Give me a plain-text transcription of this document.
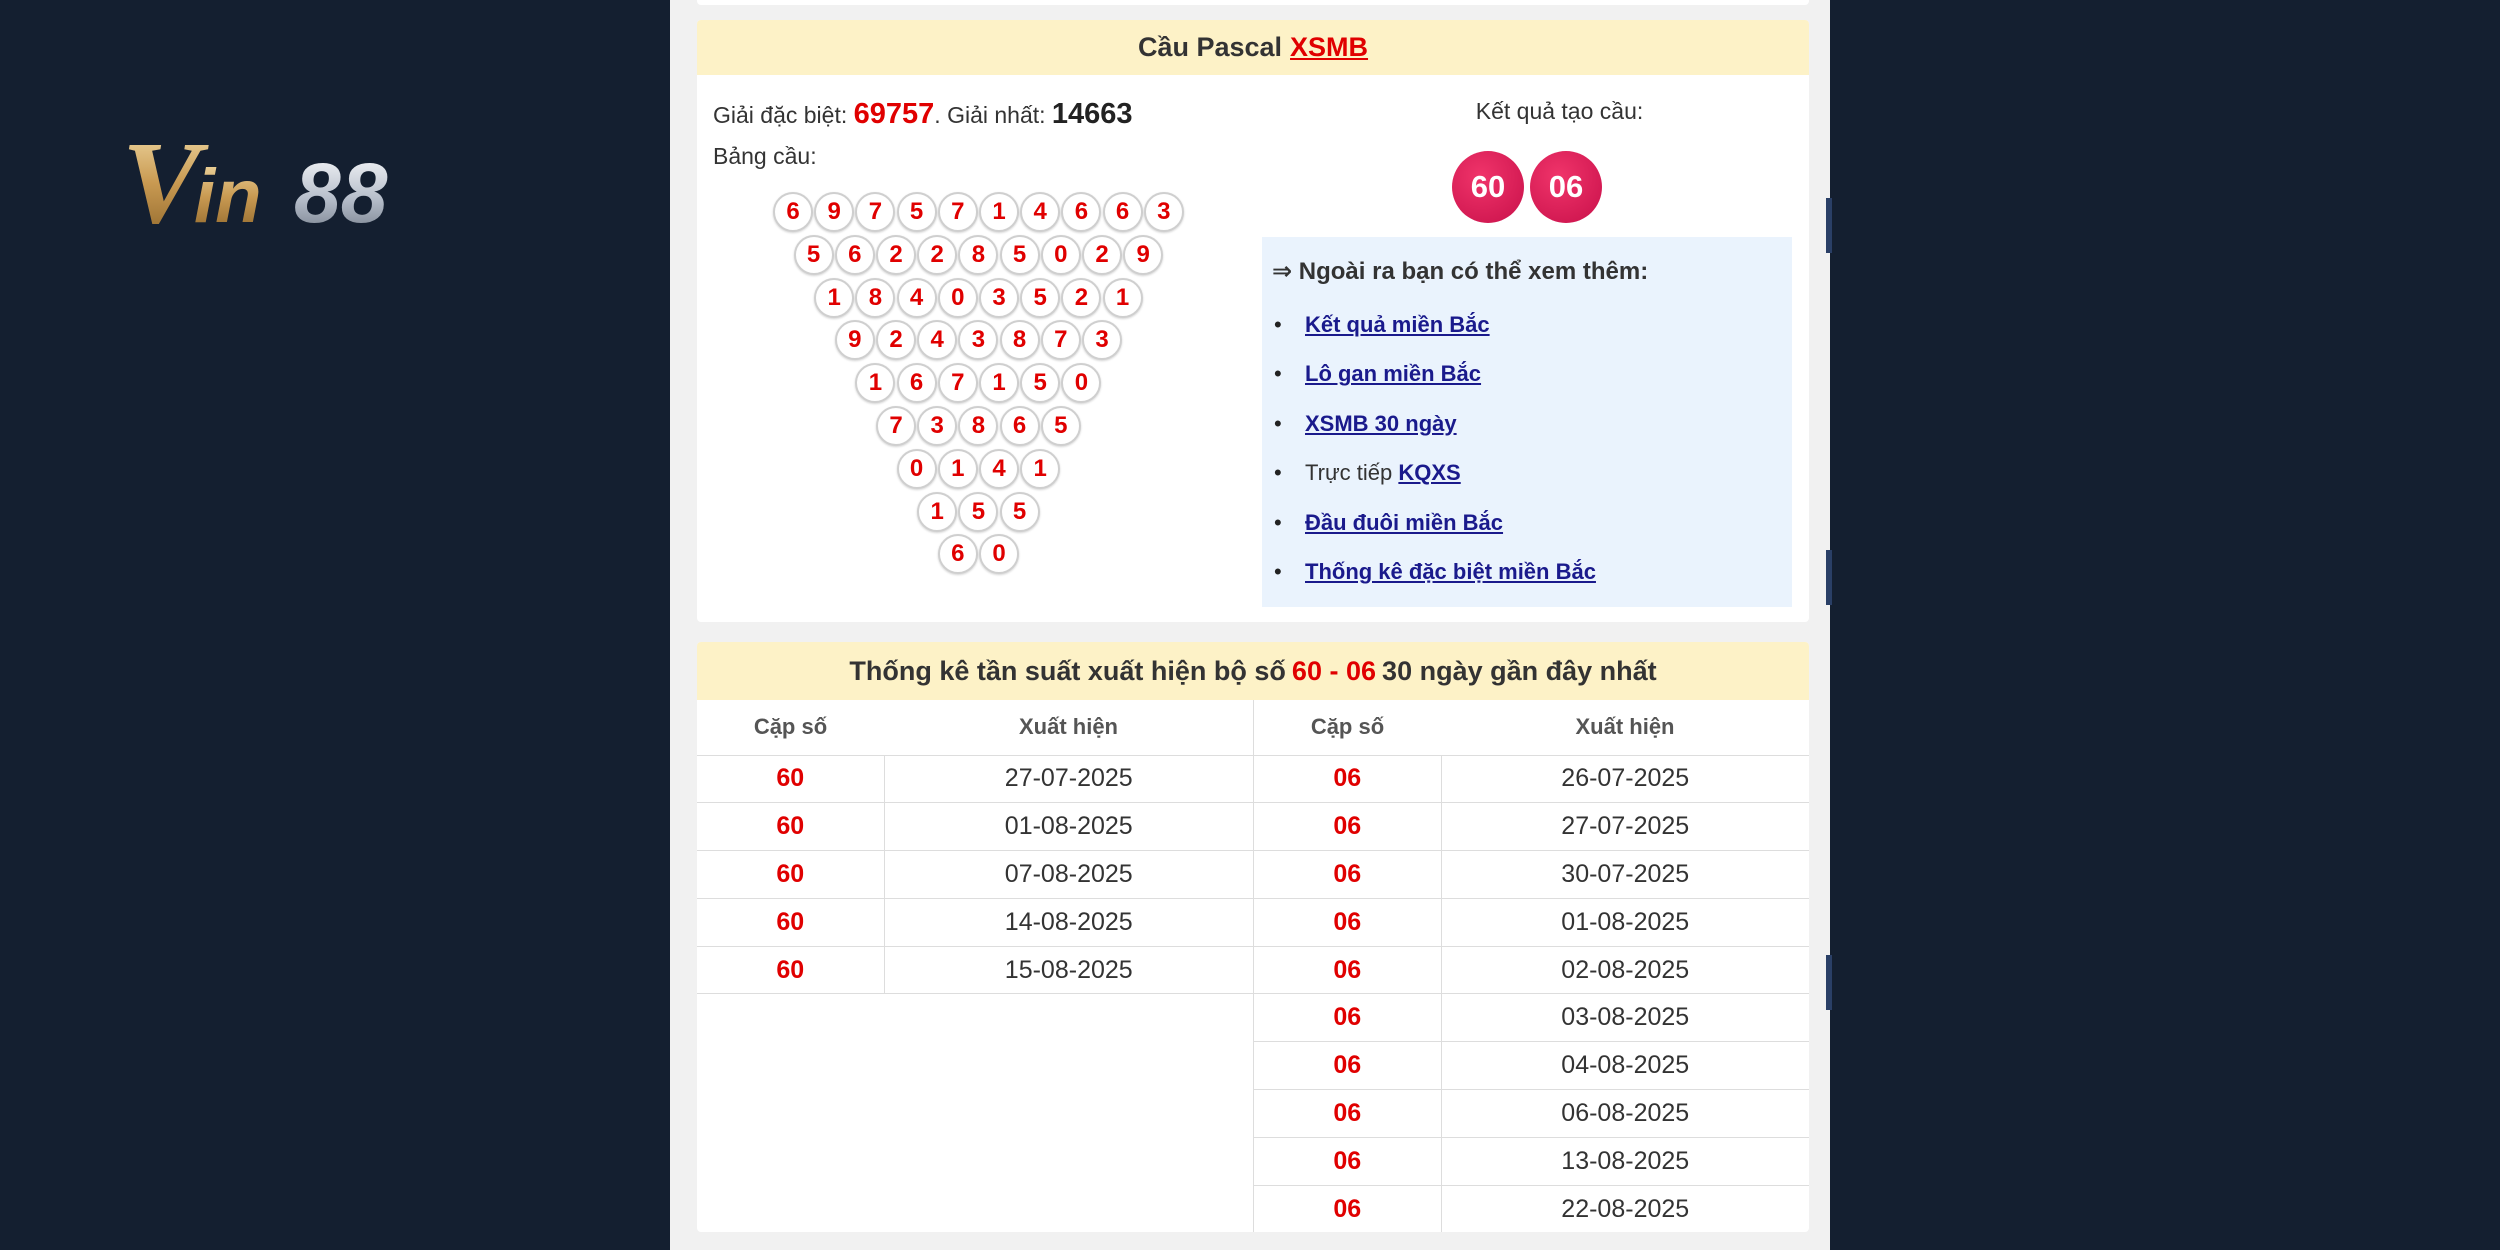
V
in 88
Cầu Pascal XSMB
Giải đặc biệt: 69757. Giải nhất: 14663
Bảng cầu:
6	9	7	5	7	1	4	6	6	3
5	6	2	2	8	5	0	2	9
1	8	4	0	3	5	2	1
9	2	4	3	8	7	3
1	6	7	1	5	0
7	3	8	6	5
0	1	4	1
1	5	5
6	0
Kết quả tạo cầu:
60	06
⇒ Ngoài ra bạn có thể xem thêm:
• Kết quả miền Bắc
• Lô gan miền Bắc
• XSMB 30 ngày
• Trực tiếp KQXS
• Đầu đuôi miền Bắc
• Thống kê đặc biệt miền Bắc
Thống kê tần suất xuất hiện bộ số 60 - 06 30 ngày gần đây nhất
Cặp số	Xuất hiện
60	27-07-2025
60	01-08-2025
60	07-08-2025
60	14-08-2025
60	15-08-2025
Cặp số	Xuất hiện
06	26-07-2025
06	27-07-2025
06	30-07-2025
06	01-08-2025
06	02-08-2025
06	03-08-2025
06	04-08-2025
06	06-08-2025
06	13-08-2025
06	22-08-2025
